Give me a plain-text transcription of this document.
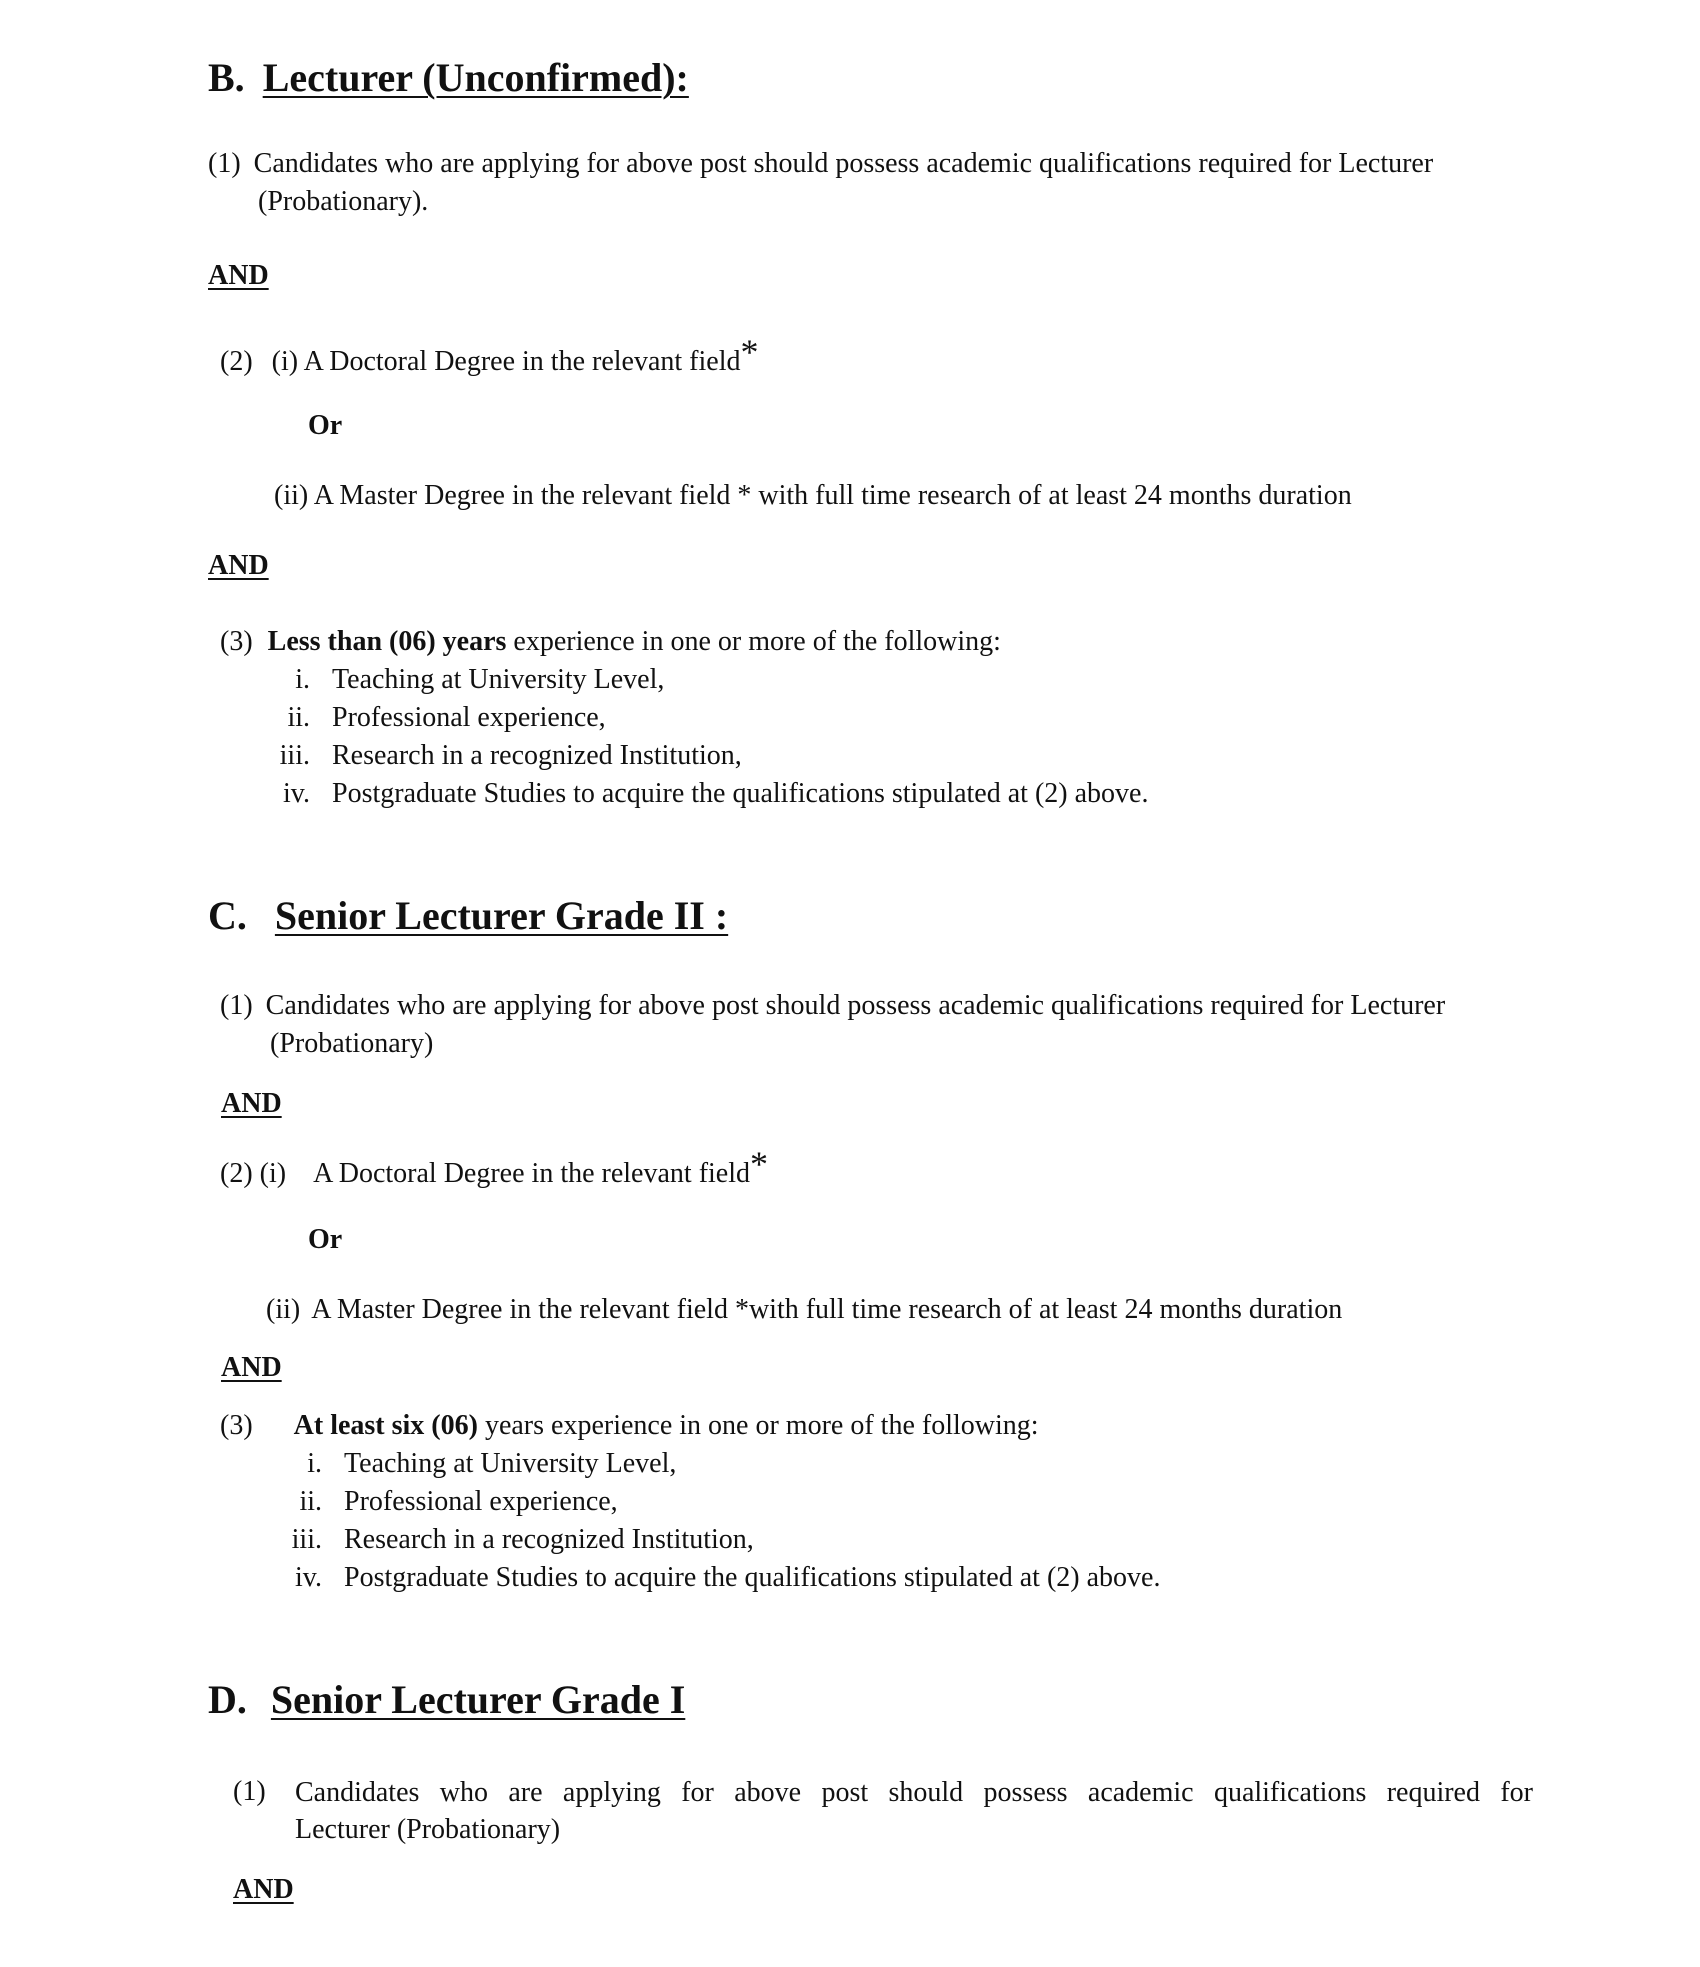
B. Lecturer (Unconfirmed):
(1) Candidates who are applying for above post should possess academic qualifications required for Lecturer
(Probationary).
AND
(2) (i) A Doctoral Degree in the relevant field*
Or
(ii) A Master Degree in the relevant field * with full time research of at least 24 months duration
AND
(3) Less than (06) years experience in one or more of the following:
i. Teaching at University Level,
ii. Professional experience,
iii. Research in a recognized Institution,
iv. Postgraduate Studies to acquire the qualifications stipulated at (2) above.
C. Senior Lecturer Grade II :
(1) Candidates who are applying for above post should possess academic qualifications required for Lecturer
(Probationary)
AND
(2) (i) A Doctoral Degree in the relevant field*
Or
(ii) A Master Degree in the relevant field *with full time research of at least 24 months duration
AND
(3) At least six (06) years experience in one or more of the following:
i. Teaching at University Level,
ii. Professional experience,
iii. Research in a recognized Institution,
iv. Postgraduate Studies to acquire the qualifications stipulated at (2) above.
D. Senior Lecturer Grade I
(1) Candidates who are applying for above post should possess academic qualifications required for
Lecturer (Probationary)
AND
